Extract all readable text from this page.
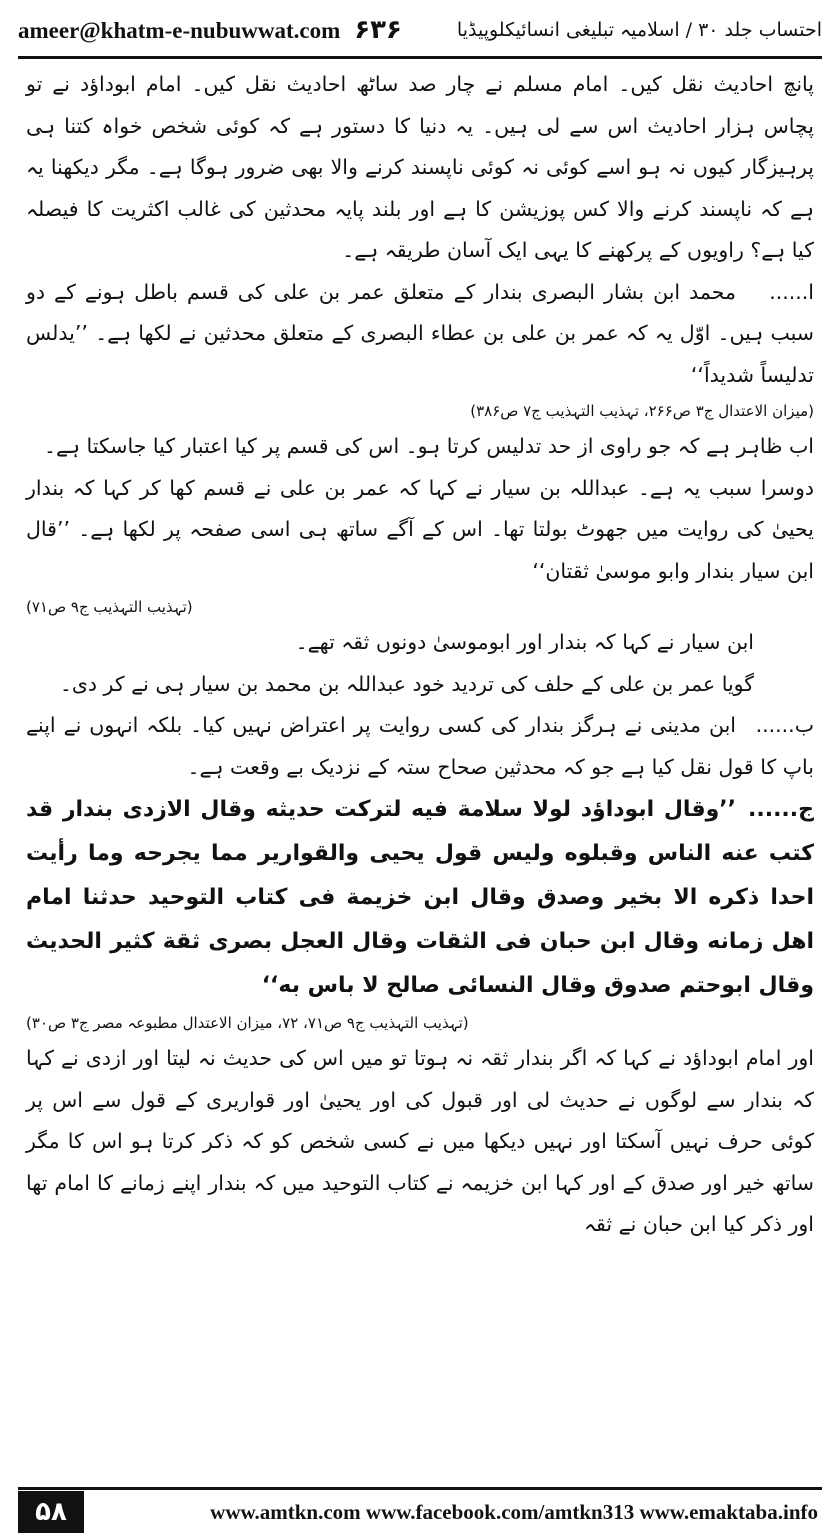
ameer@khatm-e-nubuwwat.com ۶۳۶	احتساب جلد ۳۰ / اسلامیہ تبلیغی انسائیکلوپیڈیا

پانچ احادیث نقل کیں۔ امام مسلم نے چار صد ساٹھ احادیث نقل کیں۔ امام ابوداؤد نے تو پچاس ہزار احادیث اس سے لی ہیں۔ یہ دنیا کا دستور ہے کہ کوئی شخص خواہ کتنا ہی پرہیزگار کیوں نہ ہو اسے کوئی نہ کوئی ناپسند کرنے والا بھی ضرور ہوگا ہے۔ مگر دیکھنا یہ ہے کہ ناپسند کرنے والا کس پوزیشن کا ہے اور بلند پایہ محدثین کی غالب اکثریت کا فیصلہ کیا ہے؟ راویوں کے پرکھنے کا یہی ایک آسان طریقہ ہے۔

ا......محمد ابن بشار البصری بندار کے متعلق عمر بن علی کی قسم باطل ہونے کے دو سبب ہیں۔ اوّل یہ کہ عمر بن علی بن عطاء البصری کے متعلق محدثین نے لکھا ہے۔ ’’یدلس تدلیساً شدیداً‘‘

(میزان الاعتدال ج۳ ص۲۶۶، تہذیب التہذیب ج۷ ص۳۸۶)

اب ظاہر ہے کہ جو راوی از حد تدلیس کرتا ہو۔ اس کی قسم پر کیا اعتبار کیا جاسکتا ہے۔

دوسرا سبب یہ ہے۔ عبداللہ بن سیار نے کہا کہ عمر بن علی نے قسم کھا کر کہا کہ بندار یحییٰ کی روایت میں جھوٹ بولتا تھا۔ اس کے آگے ساتھ ہی اسی صفحہ پر لکھا ہے۔ ’’قال ابن سیار بندار وابو موسیٰ ثقتان‘‘

(تہذیب التہذیب ج۹ ص۷۱)

ابن سیار نے کہا کہ بندار اور ابوموسیٰ دونوں ثقہ تھے۔

گویا عمر بن علی کے حلف کی تردید خود عبداللہ بن محمد بن سیار ہی نے کر دی۔

ب......ابن مدینی نے ہرگز بندار کی کسی روایت پر اعتراض نہیں کیا۔ بلکہ انہوں نے اپنے باپ کا قول نقل کیا ہے جو کہ محدثین صحاح ستہ کے نزدیک بے وقعت ہے۔

ج......’’وقال ابوداؤد لولا سلامة فيه لتركت حديثه وقال الازدى بندار قد كتب عنه الناس وقبلوه وليس قول يحيى والقوارير مما يجرحه وما رأيت احدا ذكره الا بخير وصدق وقال ابن خزيمة فى كتاب التوحيد حدثنا امام اهل زمانه وقال ابن حبان فى الثقات وقال العجل بصرى ثقة كثير الحديث وقال ابوحتم صدوق وقال النسائى صالح لا باس به‘‘

(تہذیب التہذیب ج۹ ص۷۱، ۷۲، میزان الاعتدال مطبوعہ مصر ج۳ ص۳۰)

اور امام ابوداؤد نے کہا کہ اگر بندار ثقہ نہ ہوتا تو میں اس کی حدیث نہ لیتا اور ازدی نے کہا کہ بندار سے لوگوں نے حدیث لی اور قبول کی اور یحییٰ اور قواریری کے قول سے اس پر کوئی حرف نہیں آسکتا اور نہیں دیکھا میں نے کسی شخص کو کہ ذکر کرتا ہو اس کا مگر ساتھ خیر اور صدق کے اور کہا ابن خزیمہ نے کتاب التوحید میں کہ بندار اپنے زمانے کا امام تھا اور ذکر کیا ابن حبان نے ثقہ

۵۸	www.amtkn.com www.facebook.com/amtkn313 www.emaktaba.info
